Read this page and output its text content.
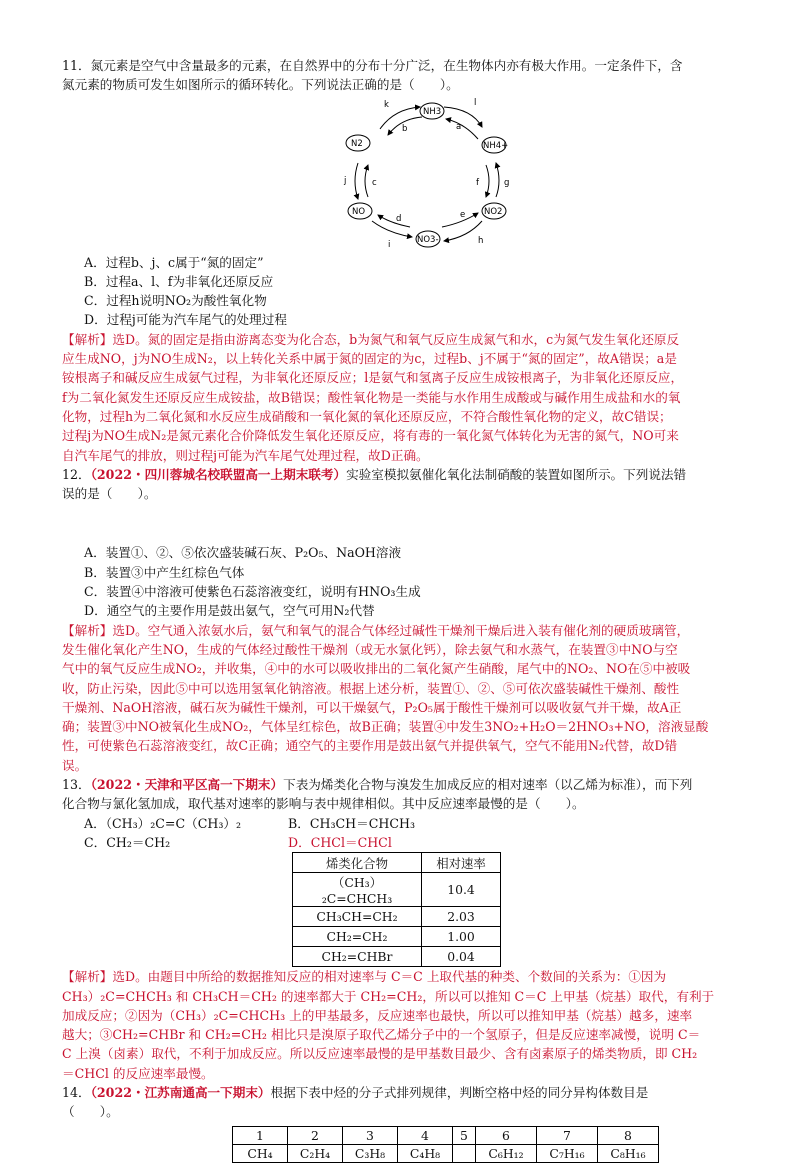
11．氮元素是空气中含量最多的元素，在自然界中的分布十分广泛，在生物体内亦有极大作用。一定条件下，含

氮元素的物质可发生如图所示的循环转化。下列说法正确的是（　　）。

NH3
N2	NH4+
NO	NO2
NO3-
k	l
a
b
j	c	f	g
d	e
i	h

A．过程b、j、c属于“氮的固定”

B．过程a、l、f为非氧化还原反应

C．过程h说明NO₂为酸性氧化物

D．过程j可能为汽车尾气的处理过程

【解析】选D。氮的固定是指由游离态变为化合态，b为氮气和氧气反应生成氮气和水，c为氮气发生氧化还原反

应生成NO，j为NO生成N₂，以上转化关系中属于氮的固定的为c，过程b、j不属于“氮的固定”，故A错误；a是

铵根离子和碱反应生成氨气过程，为非氧化还原反应；l是氨气和氢离子反应生成铵根离子，为非氧化还原反应，

f为二氧化氮发生还原反应生成铵盐，故B错误；酸性氧化物是一类能与水作用生成酸或与碱作用生成盐和水的氧

化物，过程h为二氧化氮和水反应生成硝酸和一氧化氮的氧化还原反应，不符合酸性氧化物的定义，故C错误；

过程j为NO生成N₂是氮元素化合价降低发生氧化还原反应，将有毒的一氧化氮气体转化为无害的氮气，NO可来

自汽车尾气的排放，则过程j可能为汽车尾气处理过程，故D正确。

12．（2022・四川蓉城名校联盟高一上期末联考）实验室模拟氨催化氧化法制硝酸的装置如图所示。下列说法错

误的是（　　）。

A．装置①、②、⑤依次盛装碱石灰、P₂O₅、NaOH溶液

B．装置③中产生红棕色气体

C．装置④中溶液可使紫色石蕊溶液变红，说明有HNO₃生成

D．通空气的主要作用是鼓出氨气，空气可用N₂代替

【解析】选D。空气通入浓氨水后，氨气和氧气的混合气体经过碱性干燥剂干燥后进入装有催化剂的硬质玻璃管，

发生催化氧化产生NO，生成的气体经过酸性干燥剂（或无水氯化钙），除去氨气和水蒸气，在装置③中NO与空

气中的氧气反应生成NO₂，并收集，④中的水可以吸收排出的二氧化氮产生硝酸，尾气中的NO₂、NO在⑤中被吸

收，防止污染，因此⑤中可以选用氢氧化钠溶液。根据上述分析，装置①、②、⑤可依次盛装碱性干燥剂、酸性

干燥剂、NaOH溶液，碱石灰为碱性干燥剂，可以干燥氨气，P₂O₅属于酸性干燥剂可以吸收氨气并干燥，故A正

确；装置③中NO被氧化生成NO₂，气体呈红棕色，故B正确；装置④中发生3NO₂+H₂O＝2HNO₃+NO，溶液显酸

性，可使紫色石蕊溶液变红，故C正确；通空气的主要作用是鼓出氨气并提供氧气，空气不能用N₂代替，故D错

误。

13．（2022・天津和平区高一下期末）下表为烯类化合物与溴发生加成反应的相对速率（以乙烯为标准），而下列

化合物与氯化氢加成，取代基对速率的影响与表中规律相似。其中反应速率最慢的是（　　）。

A．（CH₃）₂C=C（CH₃）₂	B．CH₃CH＝CHCH₃

C．CH₂＝CH₂	D．CHCl＝CHCl

烯类化合物	相对速率
（CH₃）₂C=CHCH₃	10.4
CH₃CH=CH₂	2.03
CH₂=CH₂	1.00
CH₂=CHBr	0.04

【解析】选D。由题目中所给的数据推知反应的相对速率与 C＝C 上取代基的种类、个数间的关系为：①因为

CH₃）₂C=CHCH₃ 和 CH₃CH＝CH₂ 的速率都大于 CH₂=CH₂，所以可以推知 C＝C 上甲基（烷基）取代，有利于

加成反应；②因为（CH₃）₂C=CHCH₃ 上的甲基最多，反应速率也最快，所以可以推知甲基（烷基）越多，速率

越大；③CH₂=CHBr 和 CH₂=CH₂ 相比只是溴原子取代乙烯分子中的一个氢原子，但是反应速率减慢，说明 C＝

C 上溴（卤素）取代，不利于加成反应。所以反应速率最慢的是甲基数目最少、含有卤素原子的烯类物质，即 CH₂

＝CHCl 的反应速率最慢。

14．（2022・江苏南通高一下期末）根据下表中烃的分子式排列规律，判断空格中烃的同分异构体数目是

（　　）。

1	2	3	4	5	6	7	8
CH₄	C₂H₄	C₃H₈	C₄H₈		C₆H₁₂	C₇H₁₆	C₈H₁₆
